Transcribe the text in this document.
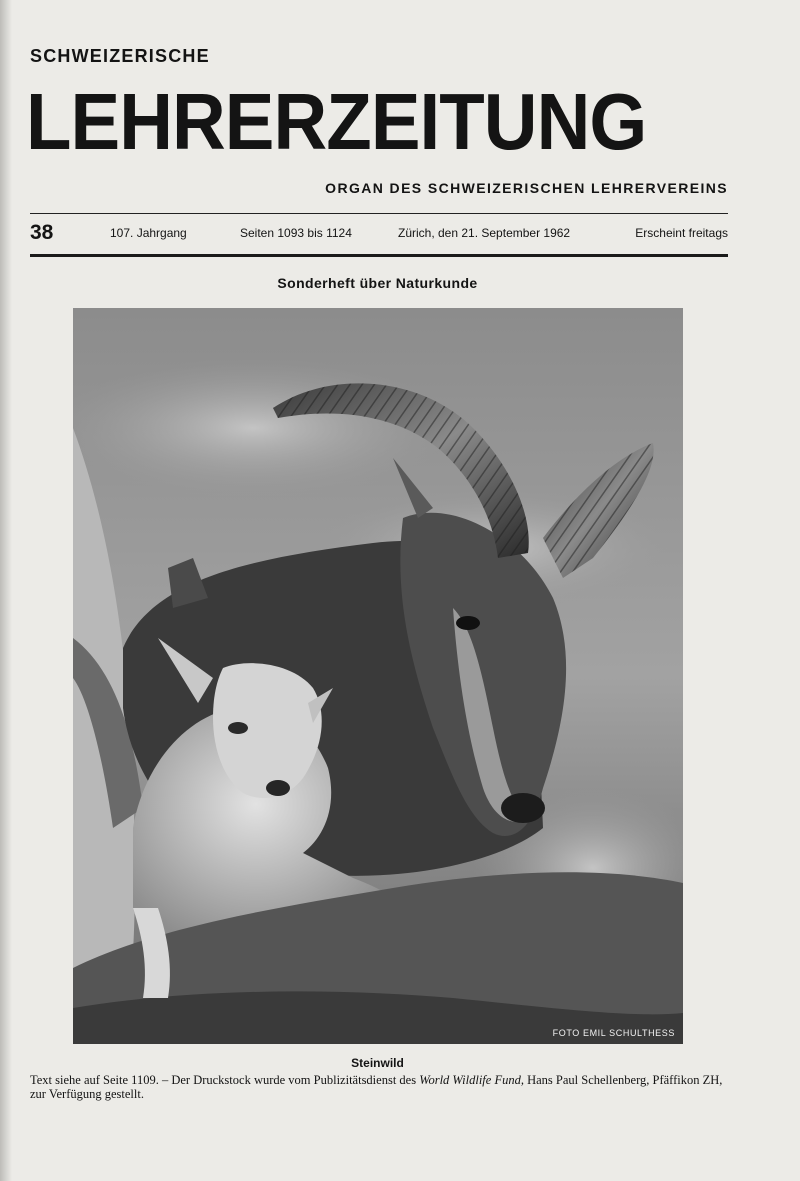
SCHWEIZERISCHE
LEHRERZEITUNG
ORGAN DES SCHWEIZERISCHEN LEHRERVEREINS
38	107. Jahrgang	Seiten 1093 bis 1124	Zürich, den 21. September 1962	Erscheint freitags
Sonderheft über Naturkunde
FOTO EMIL SCHULTHESS
Steinwild
Text siehe auf Seite 1109. – Der Druckstock wurde vom Publizitätsdienst des World Wildlife Fund, Hans Paul Schellenberg, Pfäffikon ZH, zur Verfügung gestellt.
